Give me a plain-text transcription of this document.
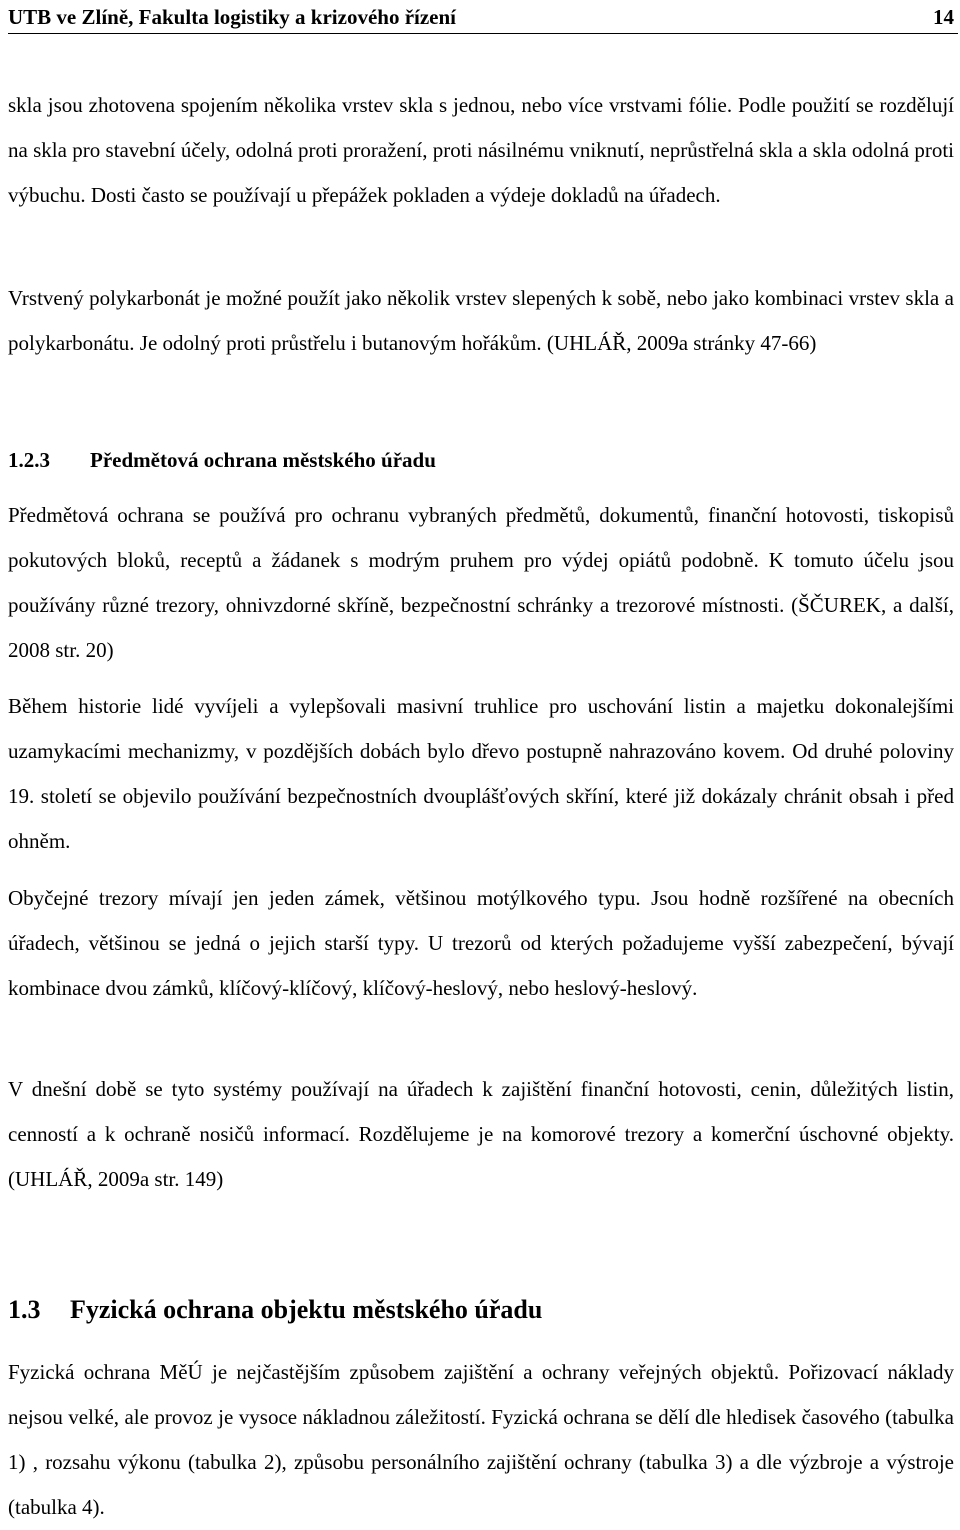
UTB ve Zlíně, Fakulta logistiky a krizového řízení	14

skla jsou zhotovena spojením několika vrstev skla s jednou, nebo více vrstvami fólie. Podle použití se rozdělují na skla pro stavební účely, odolná proti proražení, proti násilnému vniknutí, neprůstřelná skla a skla odolná proti výbuchu. Dosti často se používají u přepážek pokladen a výdeje dokladů na úřadech.

Vrstvený polykarbonát je možné použít jako několik vrstev slepených k sobě, nebo jako kombinaci vrstev skla a polykarbonátu. Je odolný proti průstřelu i butanovým hořákům. (UHLÁŘ, 2009a stránky 47-66)

1.2.3	Předmětová ochrana městského úřadu

Předmětová ochrana se používá pro ochranu vybraných předmětů, dokumentů, finanční hotovosti, tiskopisů pokutových bloků, receptů a žádanek s modrým pruhem pro výdej opiátů podobně. K tomuto účelu jsou používány různé trezory, ohnivzdorné skříně, bezpečnostní schránky a trezorové místnosti. (ŠČUREK, a další, 2008 str. 20)

Během historie lidé vyvíjeli a vylepšovali masivní truhlice pro uschování listin a majetku dokonalejšími uzamykacími mechanizmy, v pozdějších dobách bylo dřevo postupně nahrazováno kovem. Od druhé poloviny 19. století se objevilo používání bezpečnostních dvouplášťových skříní, které již dokázaly chránit obsah i před ohněm.

Obyčejné trezory mívají jen jeden zámek, většinou motýlkového typu. Jsou hodně rozšířené na obecních úřadech, většinou se jedná o jejich starší typy. U trezorů od kterých požadujeme vyšší zabezpečení, bývají kombinace dvou zámků, klíčový-klíčový, klíčový-heslový, nebo heslový-heslový.

V dnešní době se tyto systémy používají na úřadech k zajištění finanční hotovosti, cenin, důležitých listin, cenností a k ochraně nosičů informací. Rozdělujeme je na komorové trezory a komerční úschovné objekty. (UHLÁŘ, 2009a str. 149)

1.3	Fyzická ochrana objektu městského úřadu

Fyzická ochrana MěÚ je nejčastějším způsobem zajištění a ochrany veřejných objektů. Pořizovací náklady nejsou velké, ale provoz je vysoce nákladnou záležitostí. Fyzická ochrana se dělí dle hledisek časového (tabulka 1) , rozsahu výkonu (tabulka 2), způsobu personálního zajištění ochrany (tabulka 3) a dle výzbroje a výstroje (tabulka 4).
